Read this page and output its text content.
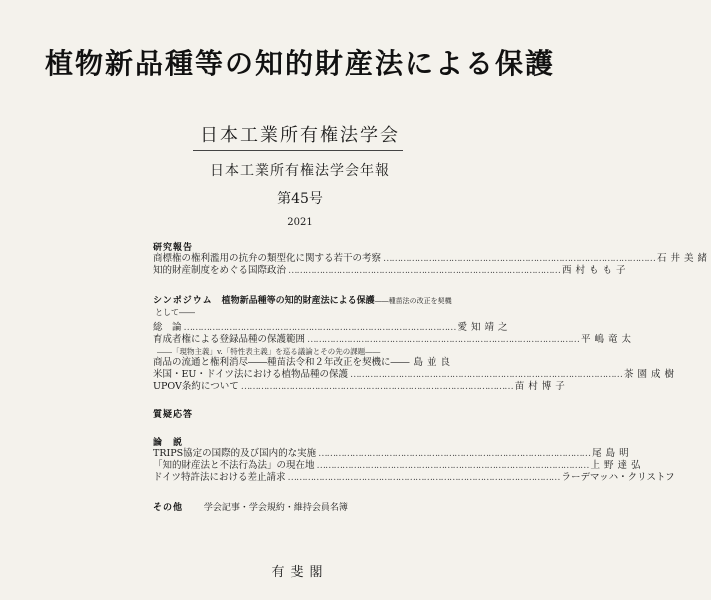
植物新品種等の知的財産法による保護
日本工業所有権法学会
日本工業所有権法学会年報
第45号
2021
研究報告
商標権の権利濫用の抗弁の類型化に関する若干の考察 …………………………………………………………………………………… 石井美緒
知的財産制度をめぐる国際政治 …………………………………………………………………………………… 西村もも子
シンポジウム 植物新品種等の知的財産法による保護――種苗法の改正を契機
として――
総　論 …………………………………………………………………………………… 愛知靖之
育成者権による登録品種の保護範囲 …………………………………………………………………………………… 平嶋竜太
――「現物主義」v.「特性表主義」を巡る議論とその先の課題――
商品の流通と権利消尽――種苗法令和２年改正を契機に―― 島並良
米国・EU・ドイツ法における植物品種の保護 …………………………………………………………………………………… 茶園成樹
UPOV条約について …………………………………………………………………………………… 苗村博子
質疑応答
論　説
TRIPS協定の国際的及び国内的な実施 …………………………………………………………………………………… 尾島明
「知的財産法と不法行為法」の現在地 …………………………………………………………………………………… 上野達弘
ドイツ特許法における差止請求 …………………………………………………………………………………… ラーデマッハ・クリストフ
その他 学会記事・学会規約・維持会員名簿
有斐閣
